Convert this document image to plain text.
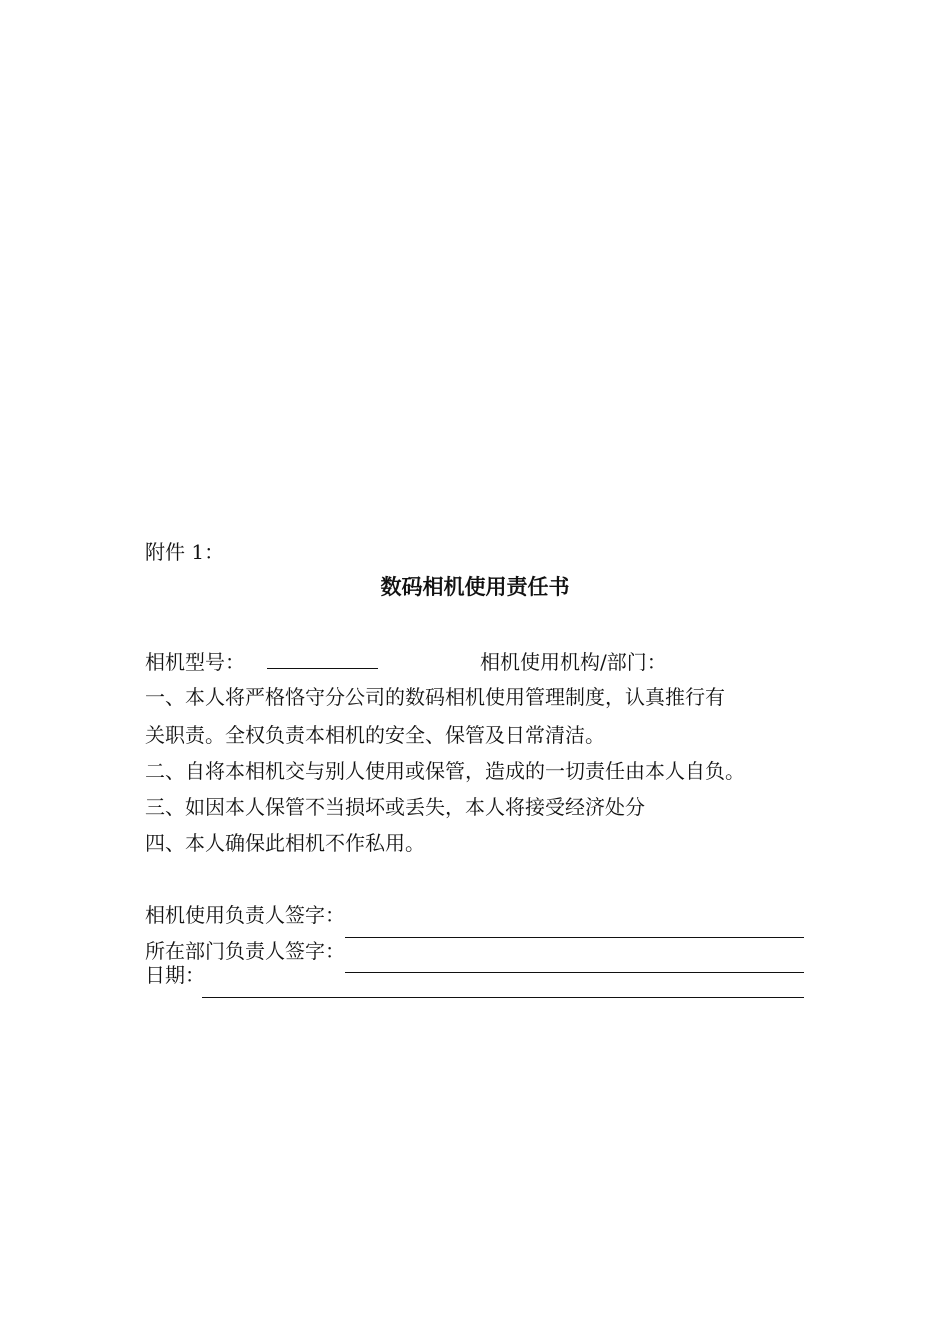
附件 1：
数码相机使用责任书
相机型号：	相机使用机构/部门：
一、本人将严格恪守分公司的数码相机使用管理制度，认真推行有
关职责。全权负责本相机的安全、保管及日常清洁。
二、自将本相机交与别人使用或保管，造成的一切责任由本人自负。
三、如因本人保管不当损坏或丢失，本人将接受经济处分
四、本人确保此相机不作私用。
相机使用负责人签字：
所在部门负责人签字：
日期：
